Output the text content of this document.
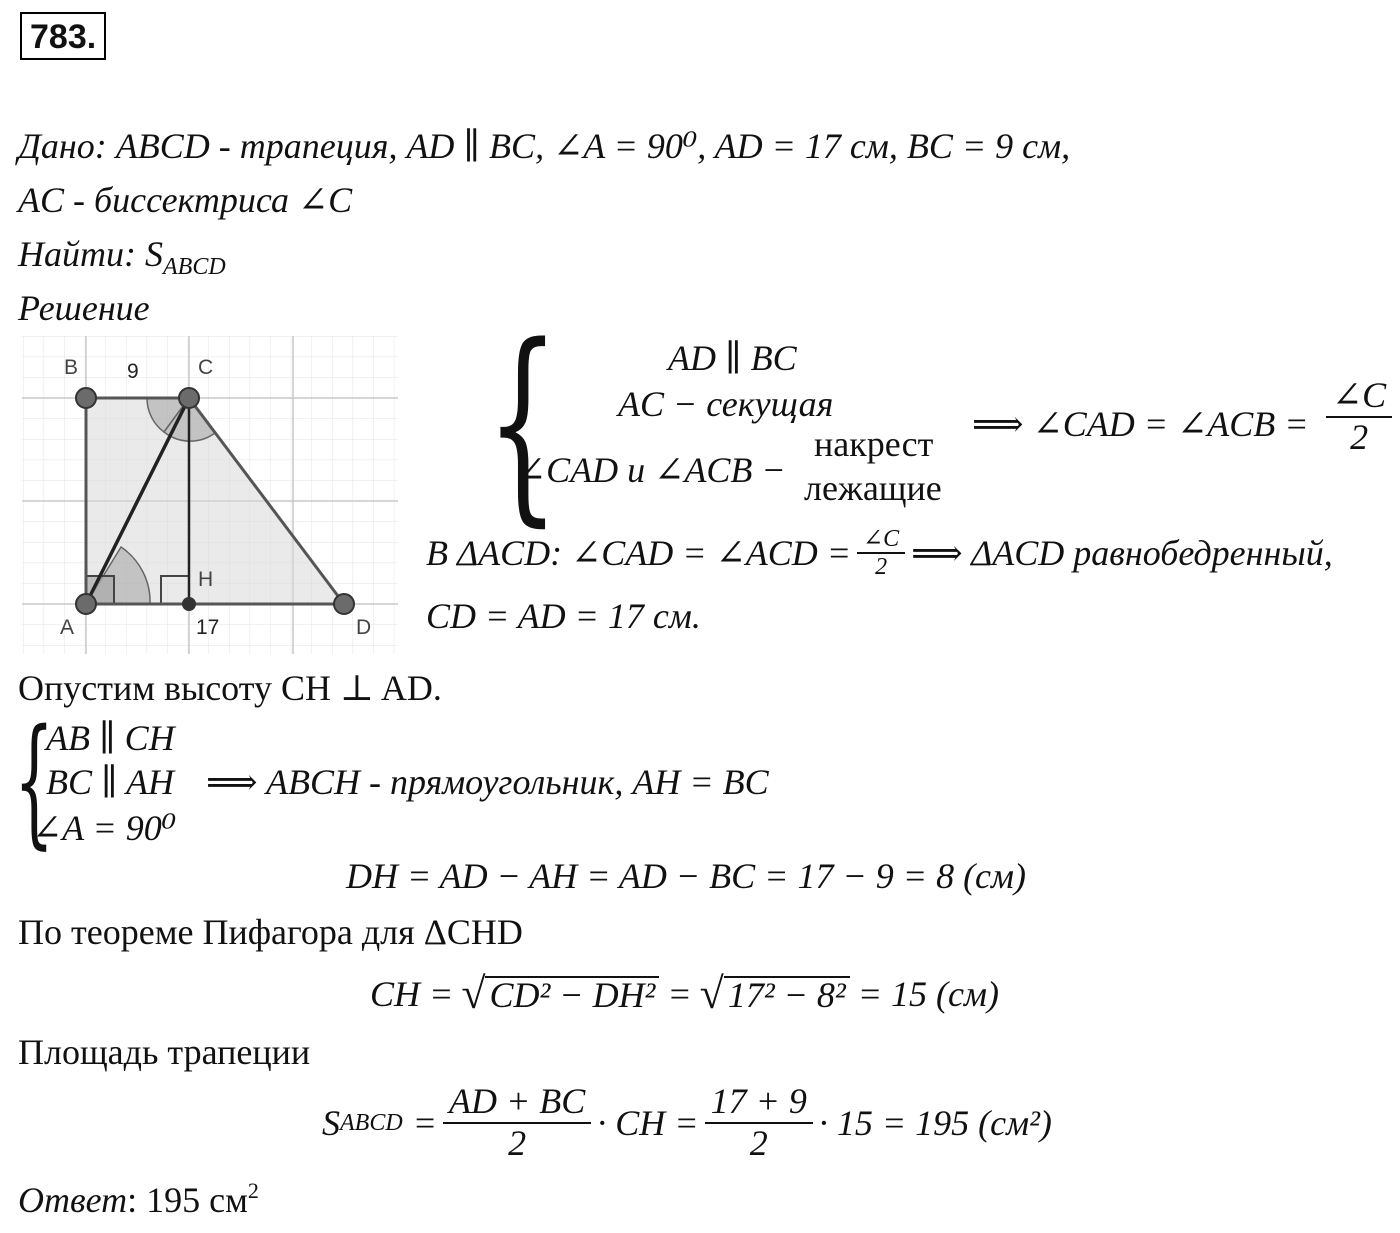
783.
Дано: ABCD - трапеция, AD ∥ BC, ∠A = 90⁰, AD = 17 см, BC = 9 см,
AC - биссектриса ∠C
Найти: $S_{ABCD}$
Решение
B	C
A	D
H
9
17
{	AD ∥ BC
AC − секущая
∠CAD и ∠ACB −
накрест
лежащие
⟹ ∠CAD = ∠ACB = $\frac{\angle C}{2}$
В ΔACD: ∠CAD = ∠ACD = $\frac{\angle C}{2}$ ⟹ ΔACD равнобедренный,
CD = AD = 17 см.
Опустим высоту CH ⊥ AD.
{
AB ∥ CH
BC ∥ AH
∠A = 90⁰
⟹ ABCH - прямоугольник, AH = BC
DH = AD − AH = AD − BC = 17 − 9 = 8 (см)
По теореме Пифагора для ΔCHD
CH = √ CD² − DH² = √ 17² − 8² = 15 (см)
Площадь трапеции
S ABCD = $\frac{AD + BC}{2}$ · CH = $\frac{17 + 9}{2} \cdot 15 = 195$ (см²)
Ответ: 195 $см^2$
